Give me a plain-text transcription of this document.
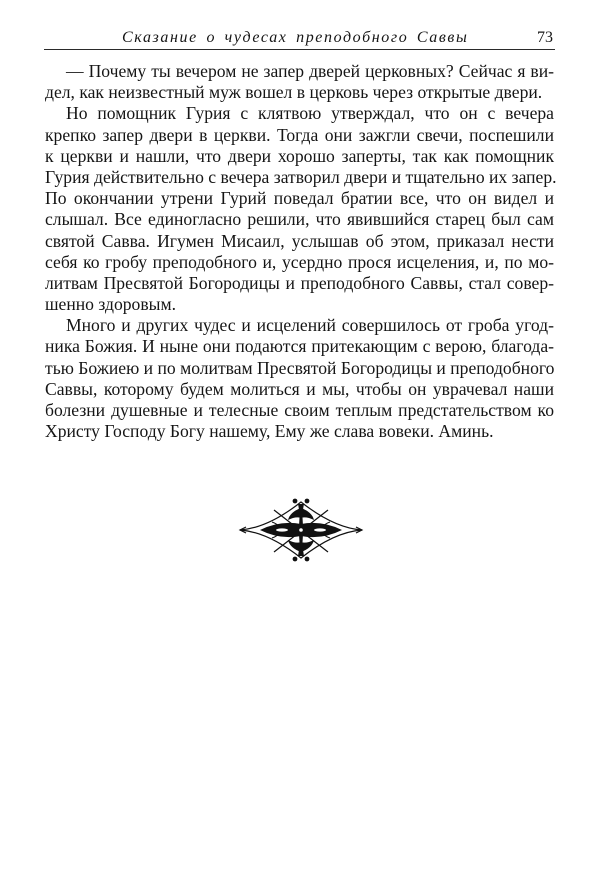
Сказание о чудесах преподобного Саввы	73
— Почему ты вечером не запер дверей церковных? Сейчас я ви-
дел, как неизвестный муж вошел в церковь через открытые двери.
Но помощник Гурия с клятвою утверждал, что он с вечера
крепко запер двери в церкви. Тогда они зажгли свечи, поспешили
к церкви и нашли, что двери хорошо заперты, так как помощник
Гурия действительно с вечера затворил двери и тщательно их запер.
По окончании утрени Гурий поведал братии все, что он видел и
слышал. Все единогласно решили, что явившийся старец был сам
святой Савва. Игумен Мисаил, услышав об этом, приказал нести
себя ко гробу преподобного и, усердно прося исцеления, и, по мо-
литвам Пресвятой Богородицы и преподобного Саввы, стал совер-
шенно здоровым.
Много и других чудес и исцелений совершилось от гроба угод-
ника Божия. И ныне они подаются притекающим с верою, благода-
тью Божиею и по молитвам Пресвятой Богородицы и преподобного
Саввы, которому будем молиться и мы, чтобы он уврачевал наши
болезни душевные и телесные своим теплым предстательством ко
Христу Господу Богу нашему, Ему же слава вовеки. Аминь.
